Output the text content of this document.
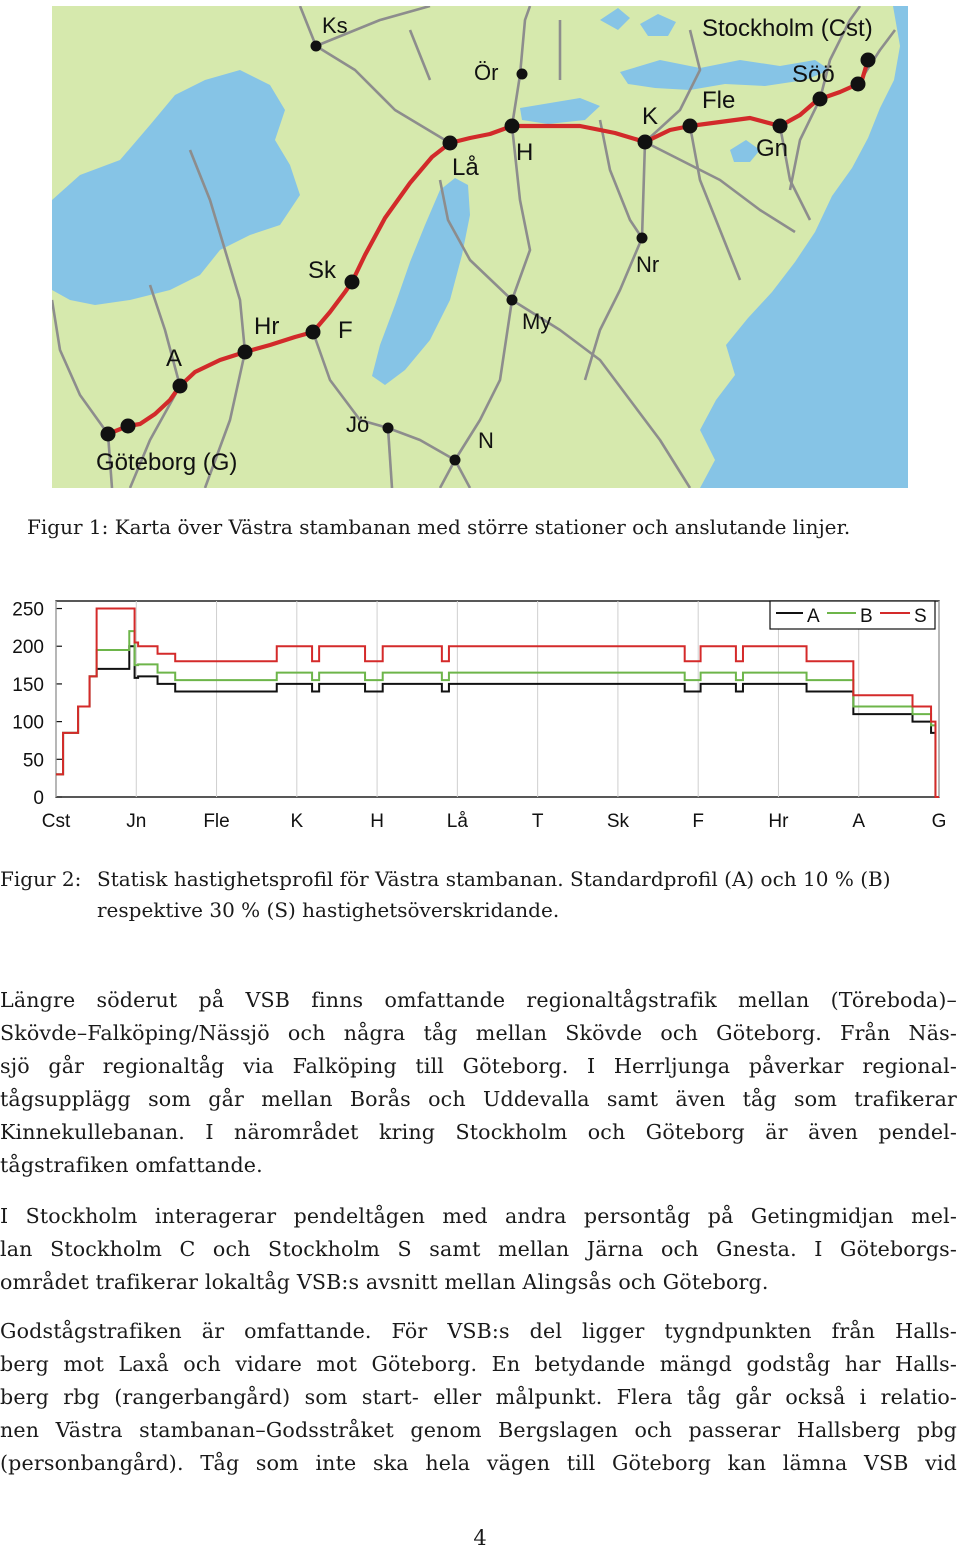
Göteborg (G)
A
Hr F
Sk
Jö
N
Lå
H
Ör
Ks
My
K
Nr
Fle
Gn
Söö
Stockholm (Cst)
Figur 1: Karta över Västra stambanan med större stationer och anslutande linjer.
0
50
100
150
200
250
Cst	Jn	Fle	K	H	Lå	T	Sk	F	Hr	A	G
A B S
Figur 2: Statisk hastighetsprofil för Västra stambanan. Standardprofil (A) och 10 % (B)
respektive 30 % (S) hastighetsöverskridande.
Längre söderut på VSB finns omfattande regionaltågstrafik mellan (Töreboda)–
Skövde–Falköping/Nässjö och några tåg mellan Skövde och Göteborg. Från Näs-
sjö går regionaltåg via Falköping till Göteborg. I Herrljunga påverkar regional-
tågsupplägg som går mellan Borås och Uddevalla samt även tåg som trafikerar
Kinnekullebanan. I närområdet kring Stockholm och Göteborg är även pendel-
tågstrafiken omfattande.
I Stockholm interagerar pendeltågen med andra persontåg på Getingmidjan mel-
lan Stockholm C och Stockholm S samt mellan Järna och Gnesta. I Göteborgs-
området trafikerar lokaltåg VSB:s avsnitt mellan Alingsås och Göteborg.
Godstågstrafiken är omfattande. För VSB:s del ligger tygndpunkten från Halls-
berg mot Laxå och vidare mot Göteborg. En betydande mängd godståg har Halls-
berg rbg (rangerbangård) som start- eller målpunkt. Flera tåg går också i relatio-
nen Västra stambanan–Godsstråket genom Bergslagen och passerar Hallsberg pbg
(personbangård). Tåg som inte ska hela vägen till Göteborg kan lämna VSB vid
4
